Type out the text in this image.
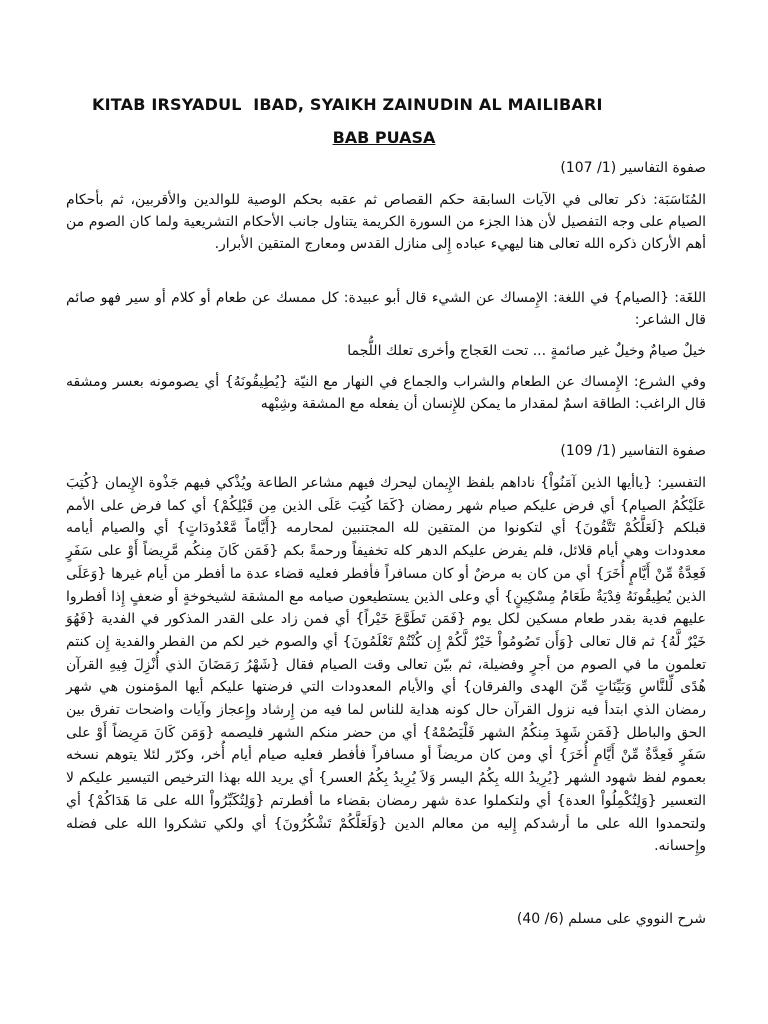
KITAB IRSYADUL  IBAD, SYAIKH ZAINUDIN AL MAILIBARI
BAB PUASA

صفوة التفاسير (1/ 107)

المُنَاسَبَة: ذكر تعالى في الآيات السابقة حكم القصاص ثم عقبه بحكم الوصية للوالدين والأقربين، ثم بأحكام الصيام على وجه التفصيل لأن هذا الجزء من السورة الكريمة يتناول جانب الأحكام التشريعية ولما كان الصوم من أهم الأركان ذكره الله تعالى هنا ليهيء عباده إِلى منازل القدس ومعارج المتقين الأبرار.

اللغَة: {الصيام} في اللغة: الإِمساك عن الشيء قال أبو عبيدة: كل ممسك عن طعام أو كلام أو سير فهو صائم قال الشاعر:

خيلٌ صيامٌ وخيلٌ غير صائمةٍ ... تحت العَجاج وأخرى تعلك اللُّجما

وفي الشرع: الإِمساك عن الطعام والشراب والجماع في النهار مع النيّة {يُطِيقُونَهُ} أي يصومونه بعسر ومشقه قال الراغب: الطاقة اسمٌ لمقدار ما يمكن للإِنسان أن يفعله مع المشقة وشِبْهه

صفوة التفاسير (1/ 109)

التفسير: {ياأيها الذين آمَنُواْ} ناداهم بلفظ الإِيمان ليحرك فيهم مشاعر الطاعة ويُذْكي فيهم جَذْوة الإِيمان {كُتِبَ عَلَيْكُمُ الصيام} أي فرض عليكم صيام شهر رمضان {كَمَا كُتِبَ عَلَى الذين مِن قَبْلِكُمْ} أي كما فرض على الأمم قبلكم {لَعَلَّكُمْ تَتَّقُونَ} أي لتكونوا من المتقين لله المجتنبين لمحارمه {أَيَّاماً مَّعْدُودَاتٍ} أي والصيام أيامه معدودات وهي أيام قلائل، فلم يفرض عليكم الدهر كله تخفيفاً ورحمةً بكم {فَمَن كَانَ مِنكُم مَّرِيضاً أَوْ على سَفَرٍ فَعِدَّةٌ مِّنْ أَيَّامٍ أُخَرَ} أي من كان به مرضٌ أو كان مسافراً فأفطر فعليه قضاء عدة ما أفطر من أيام غيرها {وَعَلَى الذين يُطِيقُونَهُ فِدْيَةٌ طَعَامُ مِسْكِينٍ} أي وعلى الذين يستطيعون صيامه مع المشقة لشيخوخةٍ أو ضعفٍ إِذا أفطروا عليهم فدية بقدر طعام مسكين لكل يوم {فَمَن تَطَوَّعَ خَيْراً} أي فمن زاد على القدر المذكور في الفدية {فَهُوَ خَيْرٌ لَّهُ} ثم قال تعالى {وَأَن تَصُومُواْ خَيْرٌ لَّكُمْ إِن كُنْتُمْ تَعْلَمُونَ} أي والصوم خير لكم من الفطر والفدية إِن كنتم تعلمون ما في الصوم من أجرٍ وفضيلة، ثم بيّن تعالى وقت الصيام فقال {شَهْرُ رَمَضَانَ الذي أُنْزِلَ فِيهِ القرآن هُدًى لِّلنَّاسِ وَبَيِّنَاتٍ مِّنَ الهدى والفرقان} أي والأيام المعدودات التي فرضتها عليكم أيها المؤمنون هي شهر رمضان الذي ابتدأ فيه نزول القرآن حال كونه هداية للناس لما فيه من إِرشاد وإِعجاز وآيات واضحات تفرق بين الحق والباطل {فَمَن شَهِدَ مِنكُمُ الشهر فَلْيَصُمْهُ} أي من حضر منكم الشهر فليصمه {وَمَن كَانَ مَرِيضاً أَوْ على سَفَرٍ فَعِدَّةٌ مِّنْ أَيَّامٍ أُخَرَ} أي ومن كان مريضاً أو مسافراً فأفطر فعليه صيام أيام أُخر، وكرّر لئلا يتوهم نسخه بعموم لفظ شهود الشهر {يُرِيدُ الله بِكُمُ اليسر وَلاَ يُرِيدُ بِكُمُ العسر} أي يريد الله بهذا الترخيص التيسير عليكم لا التعسير {وَلِتُكْمِلُواْ العدة} أي ولتكملوا عدة شهر رمضان بقضاء ما أفطرتم {وَلِتُكَبِّرُواْ الله على مَا هَدَاكُمْ} أي ولتحمدوا الله على ما أرشدكم إِليه من معالم الدين {وَلَعَلَّكُمْ تَشْكُرُونَ} أي ولكي تشكروا الله على فضله وإِحسانه.

شرح النووي على مسلم (6/ 40)
